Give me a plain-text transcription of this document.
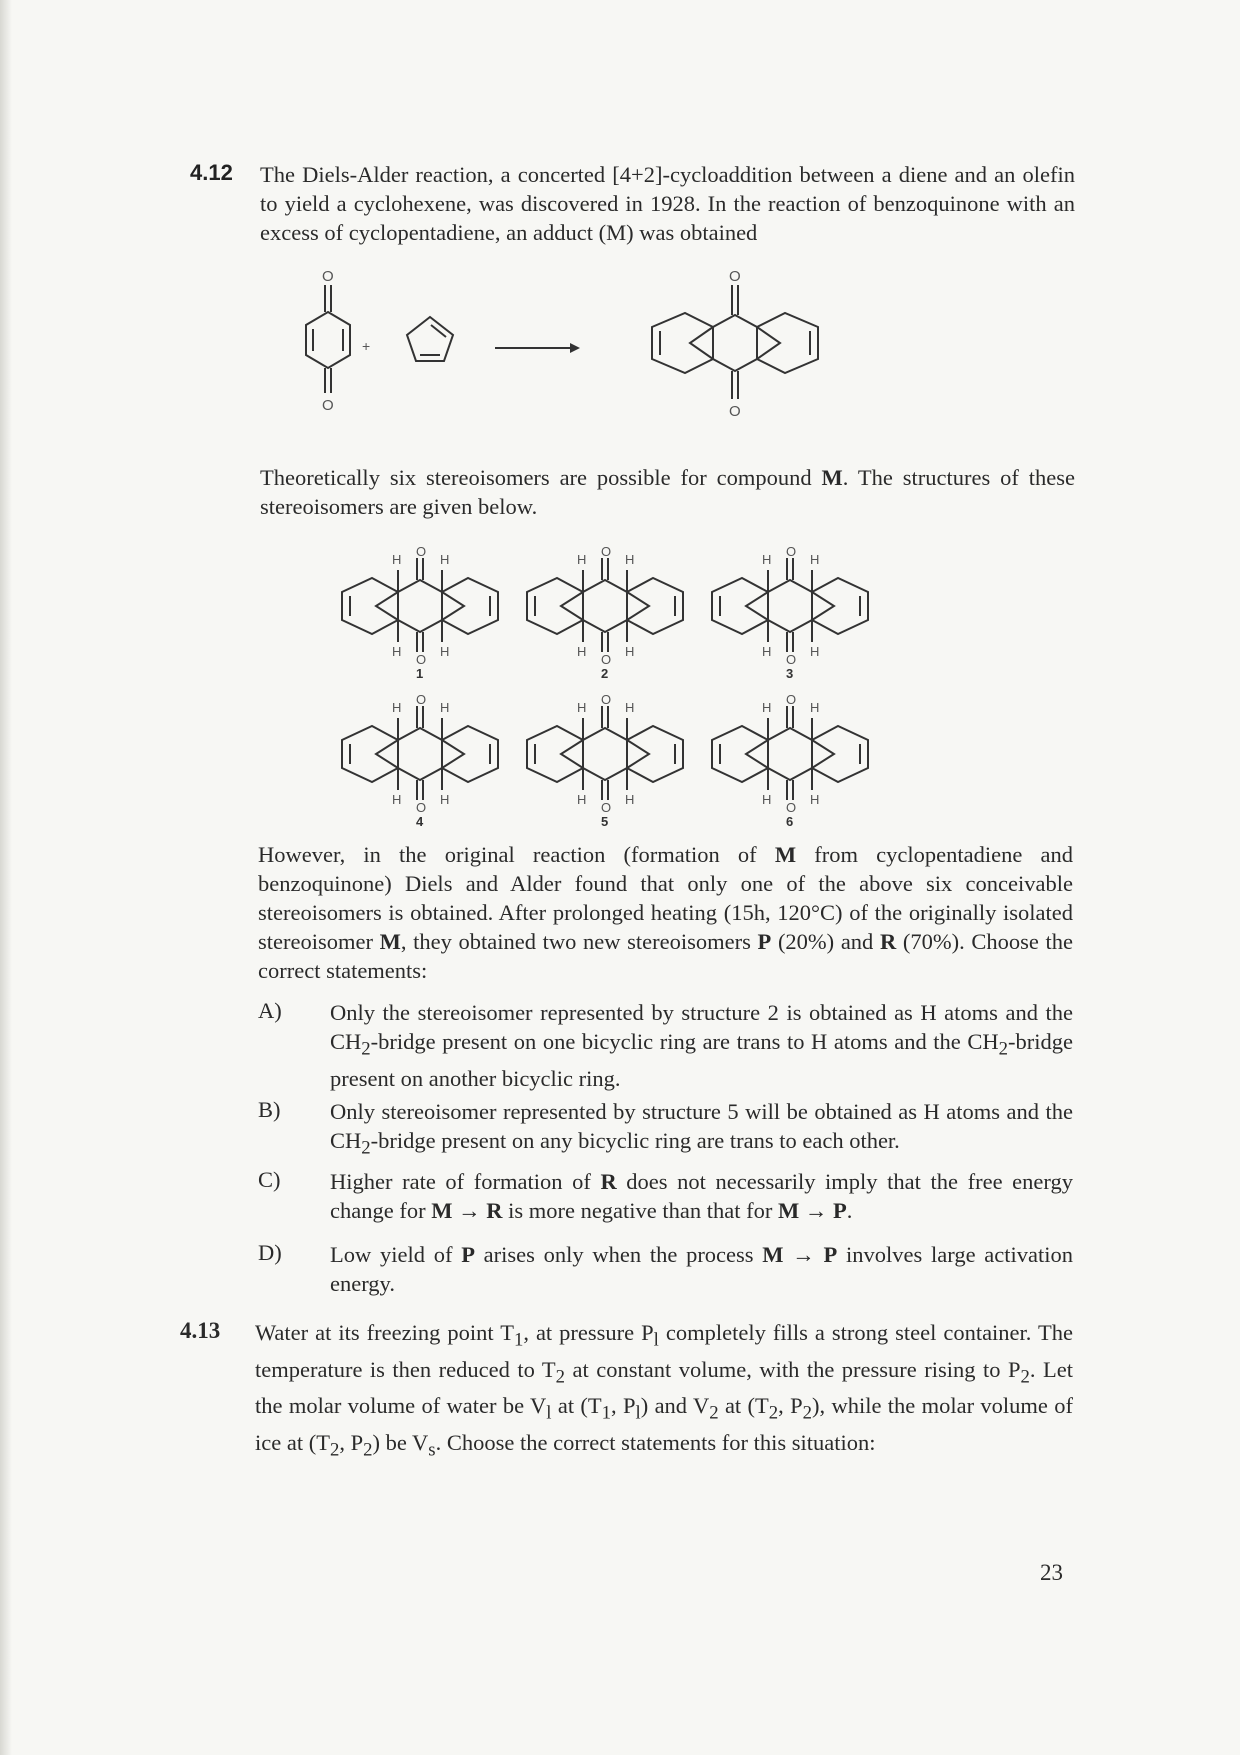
4.12 The Diels-Alder reaction, a concerted [4+2]-cycloaddition between a diene and an olefin to yield a cyclohexene, was discovered in 1928. In the reaction of benzoquinone with an excess of cyclopentadiene, an adduct (M) was obtained
+
O
O
O
O
Theoretically six stereoisomers are possible for compound M. The structures of these stereoisomers are given below.
H
O
H
H
O
H
1
H
O
H
H
O
H
2
H
O
H
H
O
H
3
H
O
H
H
O
H
4
H
O
H
H
O
H
5
H
O
H
H
O
H
6
However, in the original reaction (formation of M from cyclopentadiene and benzoquinone) Diels and Alder found that only one of the above six conceivable stereoisomers is obtained. After prolonged heating (15h, 120°C) of the originally isolated stereoisomer M, they obtained two new stereoisomers P (20%) and R (70%). Choose the correct statements:
A) Only the stereoisomer represented by structure 2 is obtained as H atoms and the $CH_2$-bridge present on one bicyclic ring are trans to H atoms and the $CH_2$-bridge present on another bicyclic ring.
B) Only stereoisomer represented by structure 5 will be obtained as H atoms and the $CH_2$-bridge present on any bicyclic ring are trans to each other.
C) Higher rate of formation of R does not necessarily imply that the free energy change for M → R is more negative than that for M → P.
D) Low yield of P arises only when the process M → P involves large activation energy.
4.13 Water at its freezing point $T_1$, at pressure $P_l$ completely fills a strong steel container. The temperature is then reduced to $T_2$ at constant volume, with the pressure rising to $P_2$. Let the molar volume of water be $V_l$ at ($T_1$, $P_l$) and $V_2$ at ($T_2$, $P_2$), while the molar volume of ice at ($T_2$, $P_2$) be $V_s$. Choose the correct statements for this situation:
23
